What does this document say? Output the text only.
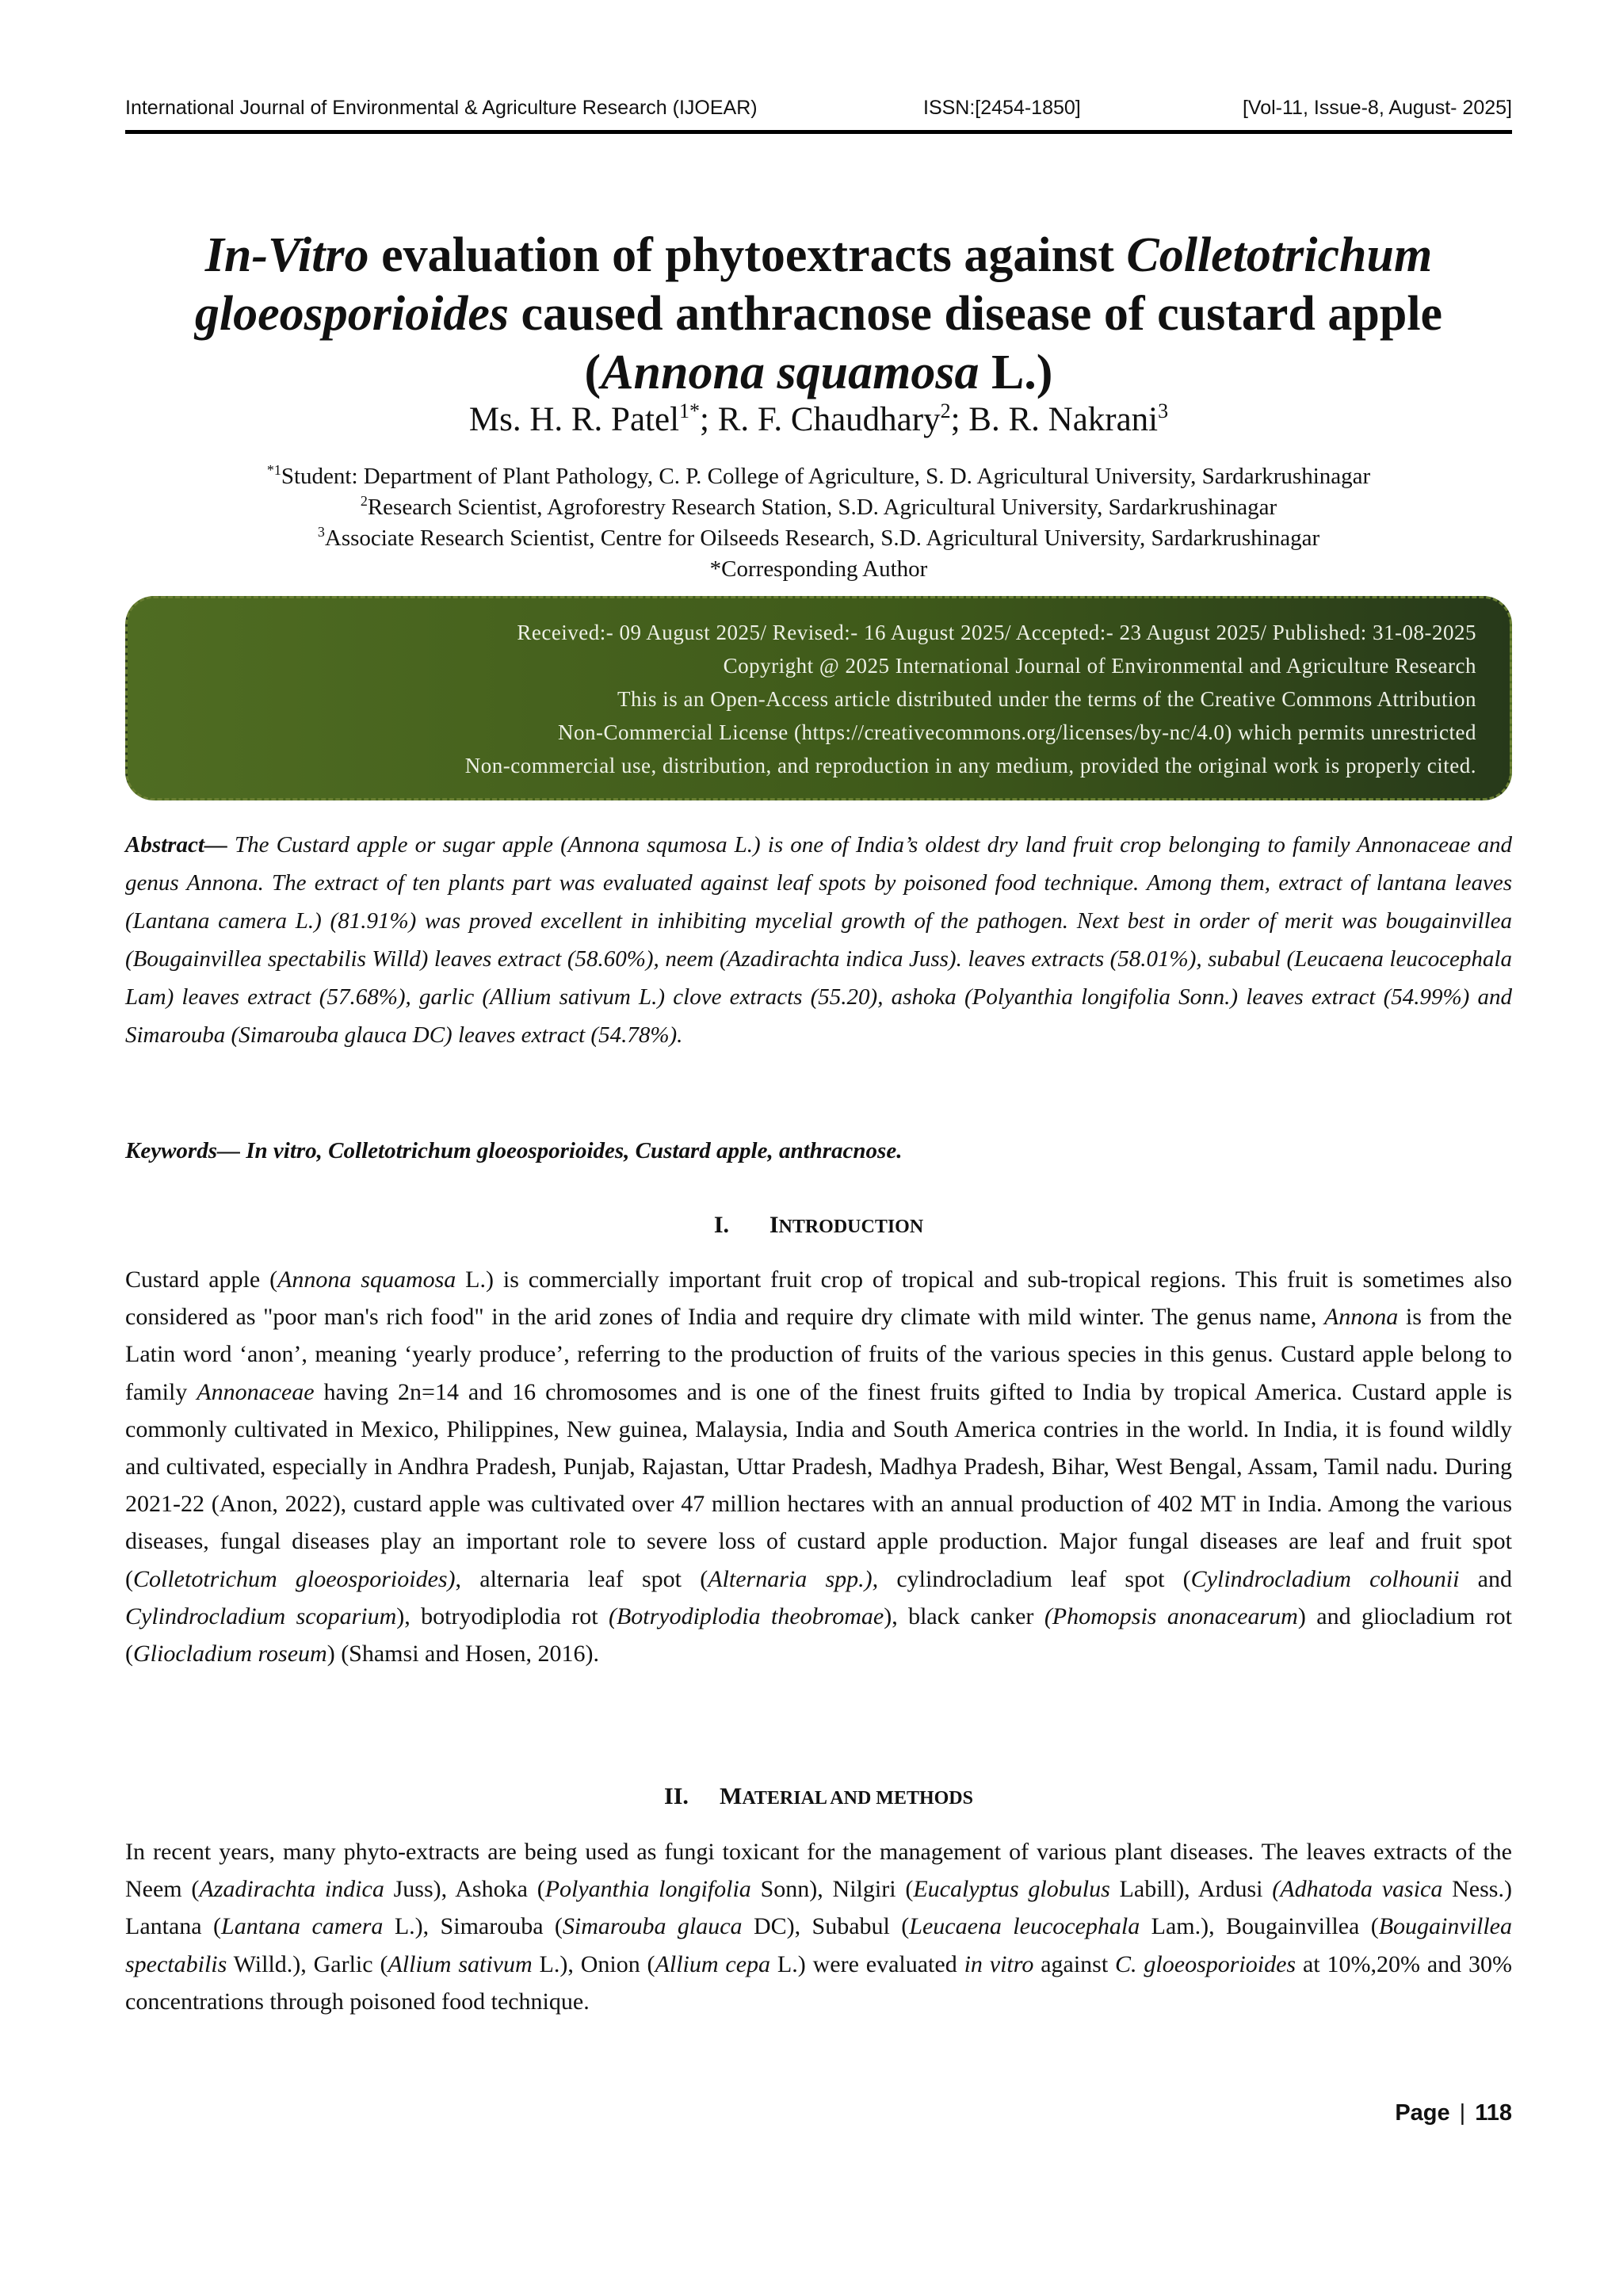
International Journal of Environmental & Agriculture Research (IJOEAR)	ISSN:[2454-1850]	[Vol-11, Issue-8, August- 2025]
In-Vitro evaluation of phytoextracts against Colletotrichum
gloeosporioides caused anthracnose disease of custard apple
(Annona squamosa L.)
Ms. H. R. Patel$^{1*}$; R. F. Chaudhary$^2$; B. R. Nakrani$^3$
$^{*1}$Student: Department of Plant Pathology, C. P. College of Agriculture, S. D. Agricultural University, Sardarkrushinagar
$^2$Research Scientist, Agroforestry Research Station, S.D. Agricultural University, Sardarkrushinagar
$^3$Associate Research Scientist, Centre for Oilseeds Research, S.D. Agricultural University, Sardarkrushinagar
*Corresponding Author
Received:- 09 August 2025/ Revised:- 16 August 2025/ Accepted:- 23 August 2025/ Published: 31-08-2025
Copyright @ 2025 International Journal of Environmental and Agriculture Research
This is an Open-Access article distributed under the terms of the Creative Commons Attribution
Non-Commercial License (https://creativecommons.org/licenses/by-nc/4.0) which permits unrestricted
Non-commercial use, distribution, and reproduction in any medium, provided the original work is properly cited.
Abstract— The Custard apple or sugar apple (Annona squmosa L.) is one of India’s oldest dry land fruit crop belonging to family Annonaceae and genus Annona. The extract of ten plants part was evaluated against leaf spots by poisoned food technique. Among them, extract of lantana leaves (Lantana camera L.) (81.91%) was proved excellent in inhibiting mycelial growth of the pathogen. Next best in order of merit was bougainvillea (Bougainvillea spectabilis Willd) leaves extract (58.60%), neem (Azadirachta indica Juss). leaves extracts (58.01%), subabul (Leucaena leucocephala Lam) leaves extract (57.68%), garlic (Allium sativum L.) clove extracts (55.20), ashoka (Polyanthia longifolia Sonn.) leaves extract (54.99%) and Simarouba (Simarouba glauca DC) leaves extract (54.78%).
Keywords— In vitro, Colletotrichum gloeosporioides, Custard apple, anthracnose.
I. INTRODUCTION
Custard apple (Annona squamosa L.) is commercially important fruit crop of tropical and sub-tropical regions. This fruit is sometimes also considered as "poor man's rich food" in the arid zones of India and require dry climate with mild winter. The genus name, Annona is from the Latin word ‘anon’, meaning ‘yearly produce’, referring to the production of fruits of the various species in this genus. Custard apple belong to family Annonaceae having 2n=14 and 16 chromosomes and is one of the finest fruits gifted to India by tropical America. Custard apple is commonly cultivated in Mexico, Philippines, New guinea, Malaysia, India and South America contries in the world. In India, it is found wildly and cultivated, especially in Andhra Pradesh, Punjab, Rajastan, Uttar Pradesh, Madhya Pradesh, Bihar, West Bengal, Assam, Tamil nadu. During 2021-22 (Anon, 2022), custard apple was cultivated over 47 million hectares with an annual production of 402 MT in India. Among the various diseases, fungal diseases play an important role to severe loss of custard apple production. Major fungal diseases are leaf and fruit spot (Colletotrichum gloeosporioides), alternaria leaf spot (Alternaria spp.), cylindrocladium leaf spot (Cylindrocladium colhounii and Cylindrocladium scoparium), botryodiplodia rot (Botryodiplodia theobromae), black canker (Phomopsis anonacearum) and gliocladium rot (Gliocladium roseum) (Shamsi and Hosen, 2016).
II. MATERIAL AND METHODS
In recent years, many phyto-extracts are being used as fungi toxicant for the management of various plant diseases. The leaves extracts of the Neem (Azadirachta indica Juss), Ashoka (Polyanthia longifolia Sonn), Nilgiri (Eucalyptus globulus Labill), Ardusi (Adhatoda vasica Ness.) Lantana (Lantana camera L.), Simarouba (Simarouba glauca DC), Subabul (Leucaena leucocephala Lam.), Bougainvillea (Bougainvillea spectabilis Willd.), Garlic (Allium sativum L.), Onion (Allium cepa L.) were evaluated in vitro against C. gloeosporioides at 10%,20% and 30% concentrations through poisoned food technique.
Page | 118
